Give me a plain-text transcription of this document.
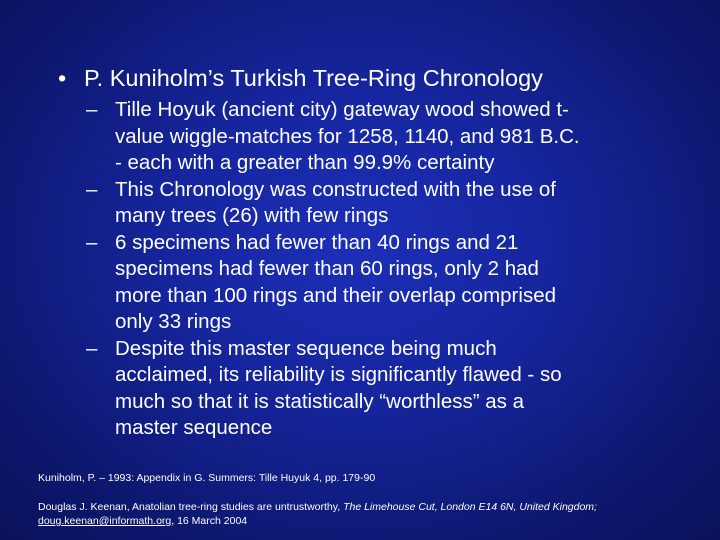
• P. Kuniholm’s Turkish Tree-Ring Chronology
– Tille Hoyuk (ancient city) gateway wood showed t-
value wiggle-matches for 1258, 1140, and 981 B.C.
- each with a greater than 99.9% certainty
– This Chronology was constructed with the use of
many trees (26) with few rings
– 6 specimens had fewer than 40 rings and 21
specimens had fewer than 60 rings, only 2 had
more than 100 rings and their overlap comprised
only 33 rings
– Despite this master sequence being much
acclaimed, its reliability is significantly flawed - so
much so that it is statistically “worthless” as a
master sequence

Kuniholm, P. – 1993: Appendix in G. Summers: Tille Huyuk 4, pp. 179-90

Douglas J. Keenan, Anatolian tree-ring studies are untrustworthy, The Limehouse Cut, London E14 6N, United Kingdom;
doug.keenan@informath.org, 16 March 2004
